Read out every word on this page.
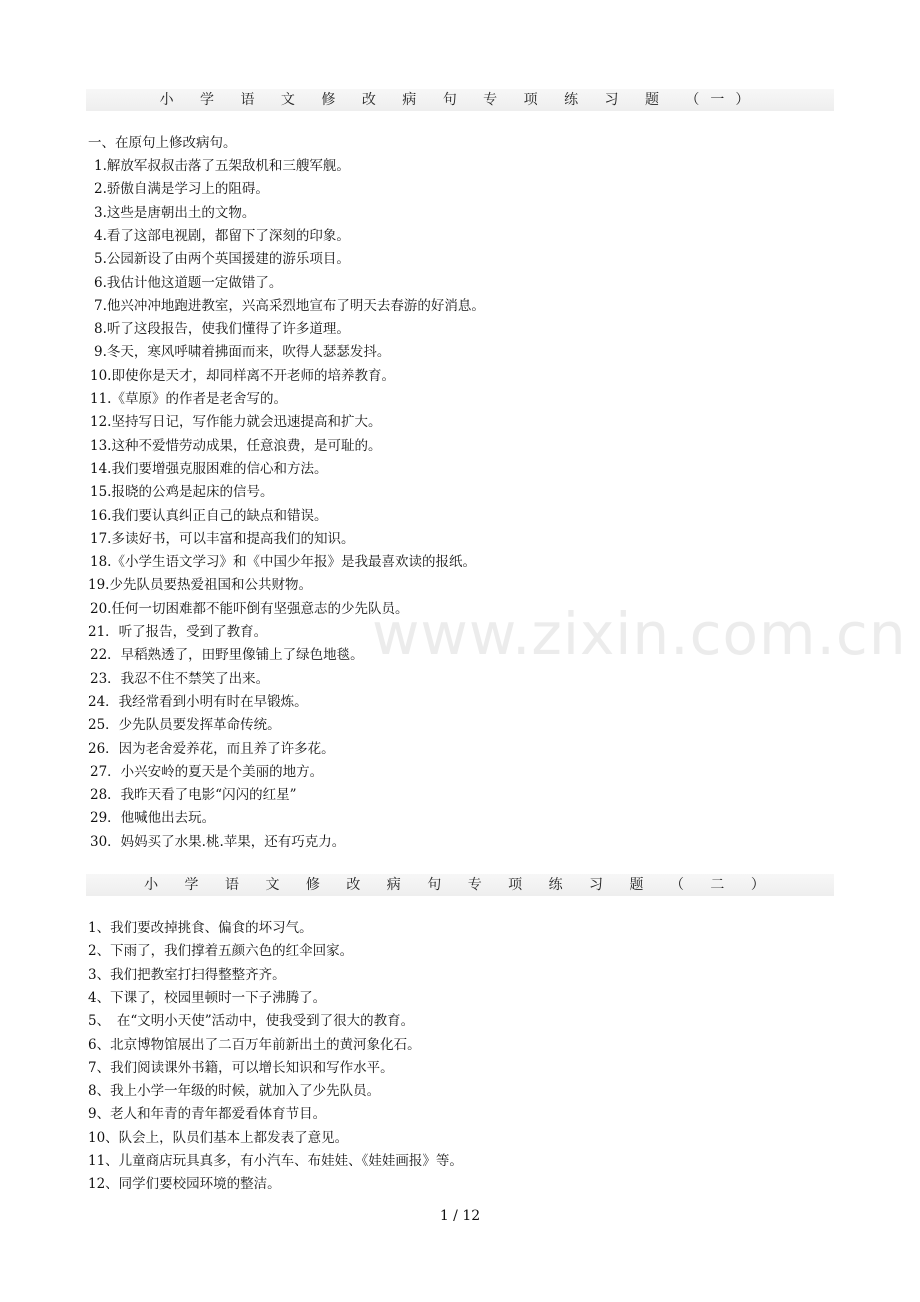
www.zixin.com.cn
小 学 语 文 修 改 病 句 专 项 练 习 题 （一）
一、在原句上修改病句。
1.解放军叔叔击落了五架敌机和三艘军舰。
2.骄傲自满是学习上的阻碍。
3.这些是唐朝出土的文物。
4.看了这部电视剧，都留下了深刻的印象。
5.公园新设了由两个英国援建的游乐项目。
6.我估计他这道题一定做错了。
7.他兴冲冲地跑进教室，兴高采烈地宣布了明天去春游的好消息。
8.听了这段报告，使我们懂得了许多道理。
9.冬天，寒风呼啸着拂面而来，吹得人瑟瑟发抖。
10.即使你是天才，却同样离不开老师的培养教育。
11.《草原》的作者是老舍写的。
12.坚持写日记，写作能力就会迅速提高和扩大。
13.这种不爱惜劳动成果，任意浪费，是可耻的。
14.我们要增强克服困难的信心和方法。
15.报晓的公鸡是起床的信号。
16.我们要认真纠正自己的缺点和错误。
17.多读好书，可以丰富和提高我们的知识。
18.《小学生语文学习》和《中国少年报》是我最喜欢读的报纸。
19.少先队员要热爱祖国和公共财物。
20.任何一切困难都不能吓倒有坚强意志的少先队员。
21．听了报告，受到了教育。
22．早稻熟透了，田野里像铺上了绿色地毯。
23．我忍不住不禁笑了出来。
24．我经常看到小明有时在早锻炼。
25．少先队员要发挥革命传统。
26．因为老舍爱养花，而且养了许多花。
27．小兴安岭的夏天是个美丽的地方。
28．我昨天看了电影“闪闪的红星”
29．他喊他出去玩。
30．妈妈买了水果.桃.苹果，还有巧克力。
小 学 语 文 修 改 病 句 专 项 练 习 题 （ 二 ）
1、我们要改掉挑食、偏食的坏习气。
2、下雨了，我们撑着五颜六色的红伞回家。
3、我们把教室打扫得整整齐齐。
4、下课了，校园里顿时一下子沸腾了。
5、　在“文明小天使”活动中，使我受到了很大的教育。
6、北京博物馆展出了二百万年前新出土的黄河象化石。
7、我们阅读课外书籍，可以增长知识和写作水平。
8、我上小学一年级的时候，就加入了少先队员。
9、老人和年青的青年都爱看体育节目。
10、队会上，队员们基本上都发表了意见。
11、儿童商店玩具真多，有小汽车、布娃娃、《娃娃画报》等。
12、同学们要校园环境的整洁。
1 / 12
